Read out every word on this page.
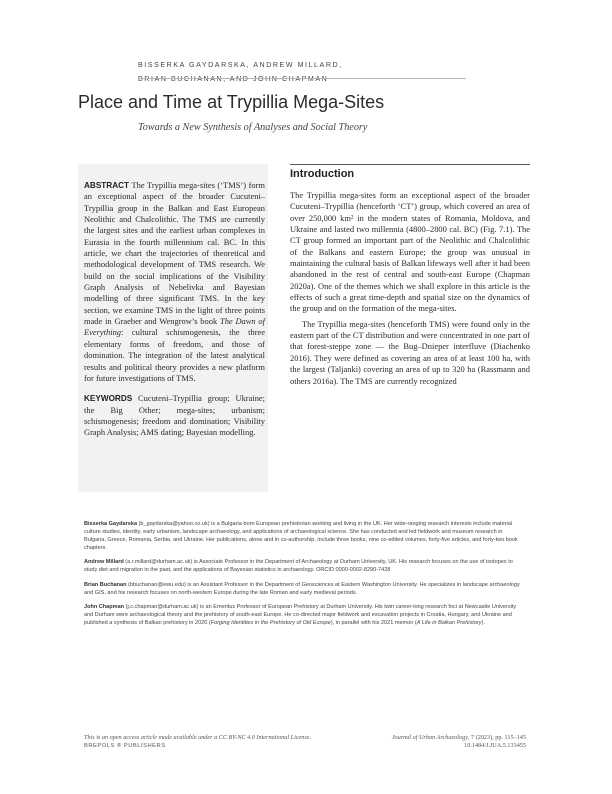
BISSERKA GAYDARSKA, ANDREW MILLARD,
BRIAN BUCHANAN, AND JOHN CHAPMAN
Place and Time at Trypillia Mega-Sites
Towards a New Synthesis of Analyses and Social Theory

ABSTRACT The Trypillia mega-sites (‘TMS’) form an exceptional aspect of the broader Cucuteni–Trypillia group in the Balkan and East European Neolithic and Chalcolithic. The TMS are currently the largest sites and the earliest urban complexes in Eurasia in the fourth millennium cal. BC. In this article, we chart the trajectories of theoretical and methodological development of TMS research. We build on the social implications of the Visibility Graph Analysis of Nebelivka and Bayesian modelling of three significant TMS. In the key section, we examine TMS in the light of three points made in Graeber and Wengrow’s book The Dawn of Everything: cultural schismogenesis, the three elementary forms of freedom, and those of domination. The integration of the latest analytical results and political theory provides a new platform for future investigations of TMS.

KEYWORDS Cucuteni–Trypillia group; Ukraine; the Big Other; mega-sites; urbanism; schismogenesis; freedom and domination; Visibility Graph Analysis; AMS dating; Bayesian modelling.

Introduction

The Trypillia mega-sites form an exceptional aspect of the broader Cucuteni–Trypillia (henceforth ‘CT’) group, which covered an area of over 250,000 km² in the modern states of Romania, Moldova, and Ukraine and lasted two millennia (4800–2800 cal. BC) (Fig. 7.1). The CT group formed an important part of the Neolithic and Chalcolithic of the Balkans and eastern Europe; the group was unusual in maintaining the cultural basis of Balkan lifeways well after it had been abandoned in the rest of central and south-east Europe (Chapman 2020a). One of the themes which we shall explore in this article is the effects of such a great time-depth and spatial size on the dynamics of the group and on the formation of the mega-sites.

The Trypillia mega-sites (henceforth TMS) were found only in the eastern part of the CT distribution and were concentrated in one part of that forest-steppe zone — the Bug–Dnieper interfluve (Diachenko 2016). They were defined as covering an area of at least 100 ha, with the largest (Taljanki) covering an area of up to 320 ha (Rassmann and others 2016a). The TMS are currently recognized

Bisserka Gaydarska (b_gaydarska@yahoo.co.uk) is a Bulgaria-born European prehistorian working and living in the UK. Her wide-ranging research interests include material culture studies, identity, early urbanism, landscape archaeology, and applications of archaeological science. She has conducted and led fieldwork and museum research in Bulgaria, Greece, Romania, Serbia, and Ukraine. Her publications, alone and in co-authorship, include three books, nine co-edited volumes, forty-five articles, and forty-two book chapters.

Andrew Millard (a.r.millard@durham.ac.uk) is Associate Professor in the Department of Archaeology at Durham University, UK. His research focuses on the use of isotopes to study diet and migration in the past, and the applications of Bayesian statistics in archaeology. ORCID 0000-0002-8290-7428

Brian Buchanan (bbuchanan@ewu.edu) is an Assistant Professor in the Department of Geosciences at Eastern Washington University. He specializes in landscape archaeology and GIS, and his research focuses on north-western Europe during the late Roman and early medieval periods.

John Chapman (j.c.chapman@durham.ac.uk) is an Emeritus Professor of European Prehistory at Durham University. His twin career-long research foci at Newcastle University and Durham were archaeological theory and the prehistory of south-east Europe. He co-directed major fieldwork and excavation projects in Croatia, Hungary, and Ukraine and published a synthesis of Balkan prehistory in 2020 (Forging Identities in the Prehistory of Old Europe), in parallel with his 2021 memoir (A Life in Balkan Prehistory).

This is an open access article made available under a CC BY-NC 4.0 International License.
BREPOLS ® PUBLISHERS
Journal of Urban Archaeology, 7 (2023), pp. 115–145
10.1484/J.JUA.5.133455
